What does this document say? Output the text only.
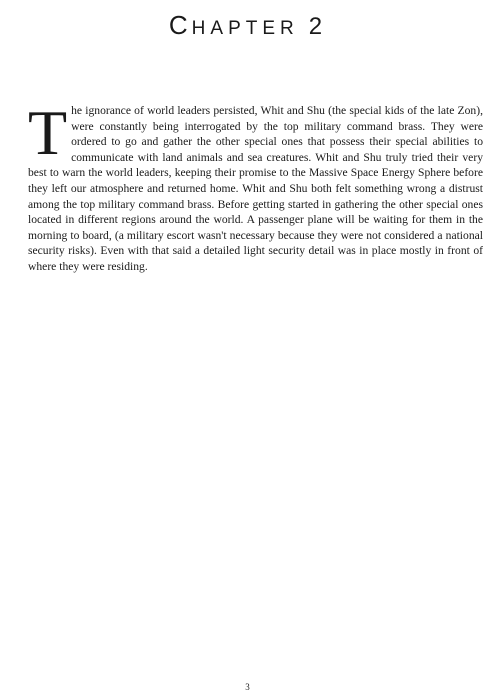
CHAPTER 2

The ignorance of world leaders persisted, Whit and Shu (the special kids of the late Zon), were constantly being interrogated by the top military command brass. They were ordered to go and gather the other special ones that possess their special abilities to communicate with land animals and sea creatures. Whit and Shu truly tried their very best to warn the world leaders, keeping their promise to the Massive Space Energy Sphere before they left our atmosphere and returned home. Whit and Shu both felt something wrong a distrust among the top military command brass. Before getting started in gathering the other special ones located in different regions around the world. A passenger plane will be waiting for them in the morning to board, (a military escort wasn't necessary because they were not considered a national security risks). Even with that said a detailed light security detail was in place mostly in front of where they were residing.

3
